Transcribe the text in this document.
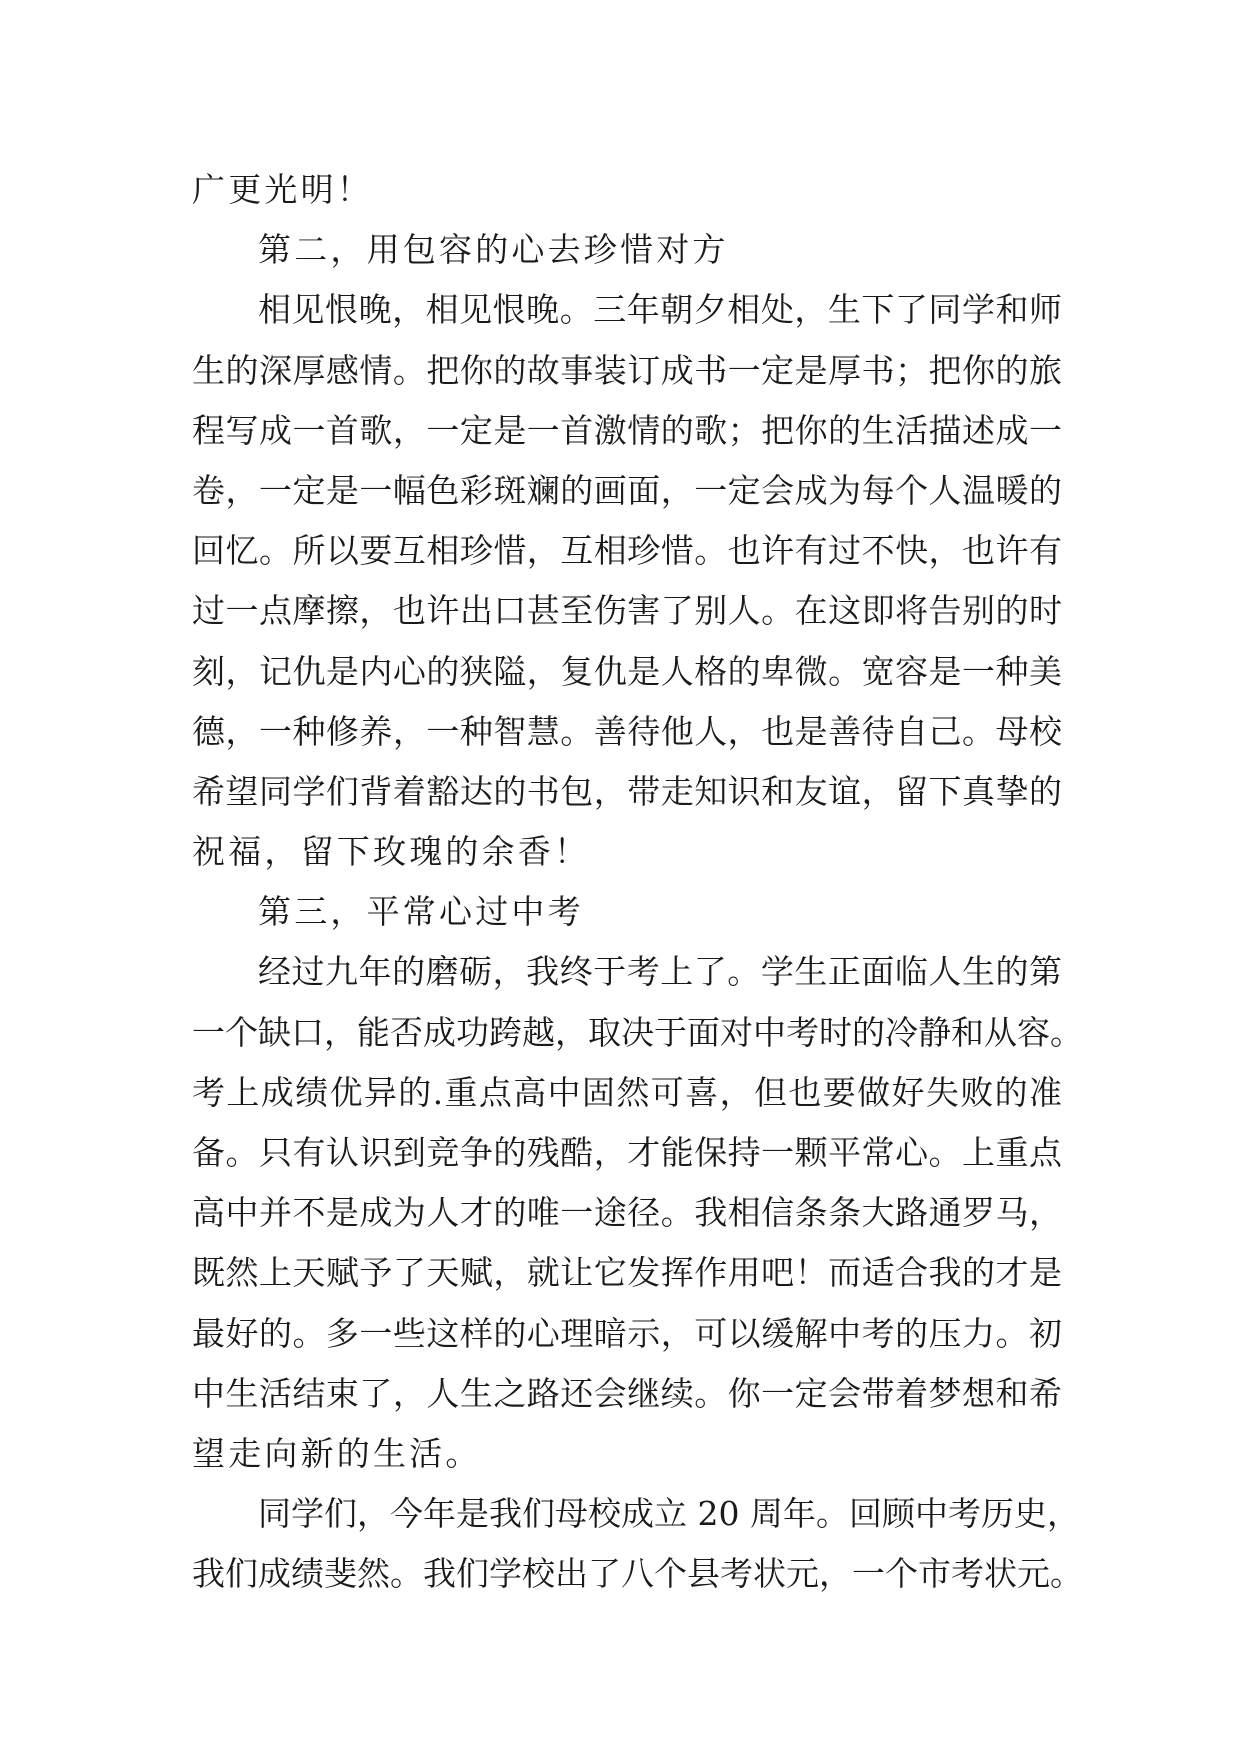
广更光明！
第二，用包容的心去珍惜对方
相见恨晚，相见恨晚。三年朝夕相处，生下了同学和师
生的深厚感情。把你的故事装订成书一定是厚书；把你的旅
程写成一首歌，一定是一首激情的歌；把你的生活描述成一
卷，一定是一幅色彩斑斓的画面，一定会成为每个人温暖的
回忆。所以要互相珍惜，互相珍惜。也许有过不快，也许有
过一点摩擦，也许出口甚至伤害了别人。在这即将告别的时
刻，记仇是内心的狭隘，复仇是人格的卑微。宽容是一种美
德，一种修养，一种智慧。善待他人，也是善待自己。母校
希望同学们背着豁达的书包，带走知识和友谊，留下真挚的
祝福，留下玫瑰的余香！
第三，平常心过中考
经过九年的磨砺，我终于考上了。学生正面临人生的第
一个缺口，能否成功跨越，取决于面对中考时的冷静和从容。
考上成绩优异的.重点高中固然可喜，但也要做好失败的准
备。只有认识到竞争的残酷，才能保持一颗平常心。上重点
高中并不是成为人才的唯一途径。我相信条条大路通罗马，
既然上天赋予了天赋，就让它发挥作用吧！而适合我的才是
最好的。多一些这样的心理暗示，可以缓解中考的压力。初
中生活结束了，人生之路还会继续。你一定会带着梦想和希
望走向新的生活。
同学们，今年是我们母校成立 20 周年。回顾中考历史，
我们成绩斐然。我们学校出了八个县考状元，一个市考状元。
